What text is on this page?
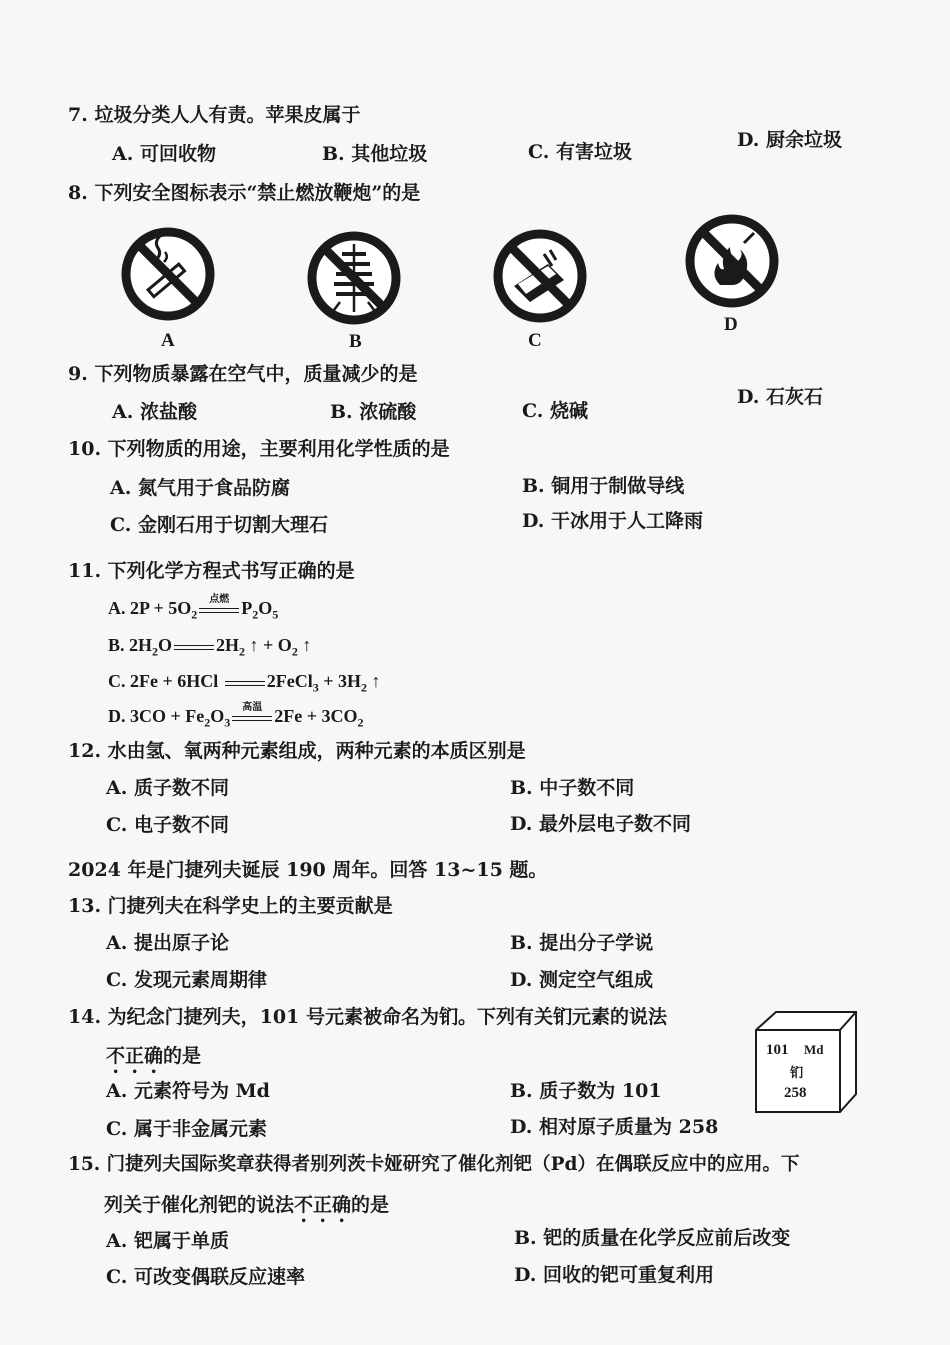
7. 垃圾分类人人有责。苹果皮属于
A. 可回收物	B. 其他垃圾	C. 有害垃圾
D. 厨余垃圾
8. 下列安全图标表示“禁止燃放鞭炮”的是
A	B	C
D
9. 下列物质暴露在空气中，质量减少的是
A. 浓盐酸	B. 浓硫酸	C. 烧碱
D. 石灰石
10. 下列物质的用途，主要利用化学性质的是
A. 氮气用于食品防腐	B. 铜用于制做导线
C. 金刚石用于切割大理石	D. 干冰用于人工降雨
11. 下列化学方程式书写正确的是
A. $2P + 5O_2$
点燃 $P_2O_5$
B. $2H_2O$ $2H_2$ ↑ + $O_2$ ↑
C. 2Fe + 6HCl
2FeCl$_3$ + $3H_2$ ↑
D. $3CO + Fe_2O_3$
高温 $2Fe + 3CO_2$
12. 水由氢、氧两种元素组成，两种元素的本质区别是
A. 质子数不同	B. 中子数不同
C. 电子数不同	D. 最外层电子数不同
2024 年是门捷列夫诞辰 190 周年。回答 13~15 题。
13. 门捷列夫在科学史上的主要贡献是
A. 提出原子论	B. 提出分子学说
C. 发现元素周期律	D. 测定空气组成
14. 为纪念门捷列夫，101 号元素被命名为钔。下列有关钔元素的说法
不正确的是
A. 元素符号为 Md	B. 质子数为 101
C. 属于非金属元素	D. 相对原子质量为 258
101 Md
钔
258
15. 门捷列夫国际奖章获得者别列茨卡娅研究了催化剂钯（Pd）在偶联反应中的应用。下
列关于催化剂钯的说法不正确的是
A. 钯属于单质	B. 钯的质量在化学反应前后改变
C. 可改变偶联反应速率	D. 回收的钯可重复利用
